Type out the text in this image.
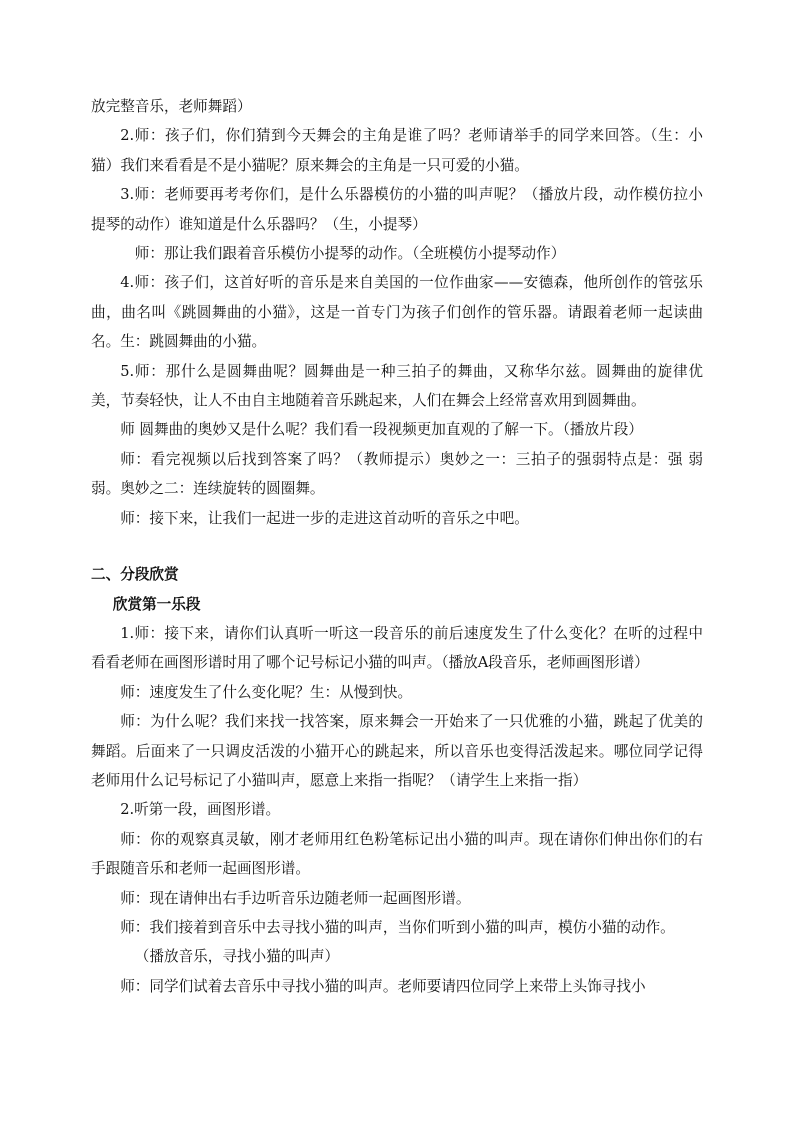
放完整音乐，老师舞蹈）

2.师：孩子们，你们猜到今天舞会的主角是谁了吗？老师请举手的同学来回答。（生：小猫）我们来看看是不是小猫呢？原来舞会的主角是一只可爱的小猫。

3.师：老师要再考考你们，是什么乐器模仿的小猫的叫声呢？（播放片段，动作模仿拉小提琴的动作）谁知道是什么乐器吗？（生，小提琴）

师：那让我们跟着音乐模仿小提琴的动作。（全班模仿小提琴动作）

4.师：孩子们，这首好听的音乐是来自美国的一位作曲家——安德森，他所创作的管弦乐曲，曲名叫《跳圆舞曲的小猫》，这是一首专门为孩子们创作的管乐器。请跟着老师一起读曲名。生：跳圆舞曲的小猫。

5.师：那什么是圆舞曲呢？圆舞曲是一种三拍子的舞曲，又称华尔兹。圆舞曲的旋律优美，节奏轻快，让人不由自主地随着音乐跳起来，人们在舞会上经常喜欢用到圆舞曲。

师 圆舞曲的奥妙又是什么呢？我们看一段视频更加直观的了解一下。（播放片段）

师：看完视频以后找到答案了吗？（教师提示）奥妙之一：三拍子的强弱特点是：强 弱 弱。奥妙之二：连续旋转的圆圈舞。

师：接下来，让我们一起进一步的走进这首动听的音乐之中吧。

二、分段欣赏

欣赏第一乐段

1.师：接下来，请你们认真听一听这一段音乐的前后速度发生了什么变化？在听的过程中看看老师在画图形谱时用了哪个记号标记小猫的叫声。（播放A段音乐，老师画图形谱）

师：速度发生了什么变化呢？生：从慢到快。

师：为什么呢？我们来找一找答案，原来舞会一开始来了一只优雅的小猫，跳起了优美的舞蹈。后面来了一只调皮活泼的小猫开心的跳起来，所以音乐也变得活泼起来。哪位同学记得老师用什么记号标记了小猫叫声，愿意上来指一指呢？（请学生上来指一指）

2.听第一段，画图形谱。

师：你的观察真灵敏，刚才老师用红色粉笔标记出小猫的叫声。现在请你们伸出你们的右手跟随音乐和老师一起画图形谱。

师：现在请伸出右手边听音乐边随老师一起画图形谱。

师：我们接着到音乐中去寻找小猫的叫声，当你们听到小猫的叫声，模仿小猫的动作。

（播放音乐，寻找小猫的叫声）

师：同学们试着去音乐中寻找小猫的叫声。老师要请四位同学上来带上头饰寻找小
